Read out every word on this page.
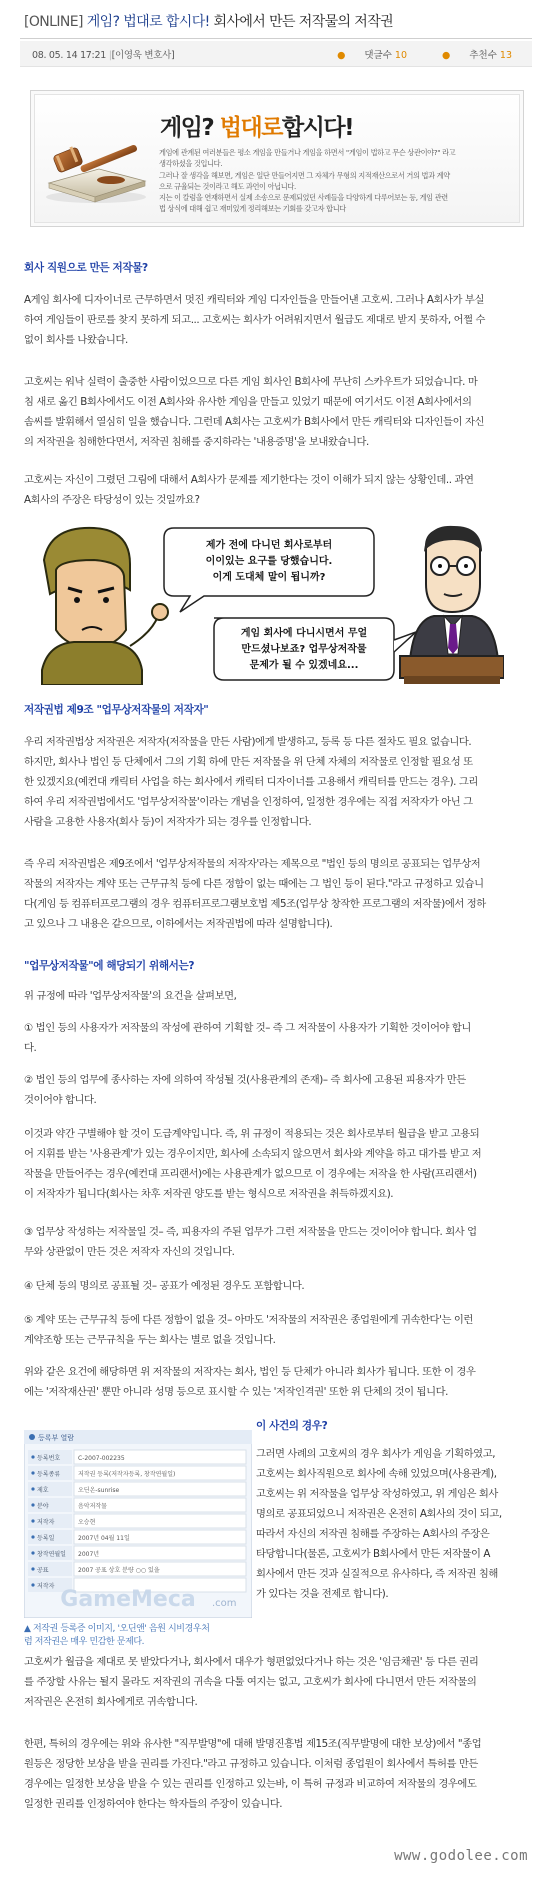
[ONLINE] 게임? 법대로 합시다! 회사에서 만든 저작물의 저작권
08. 05. 14 17:21 |[이영욱 변호사]	● 댓글수 10	● 추천수 13
게임? 법대로합시다!
게임에 관계된 여러분들은 평소 게임을 만들거나 게임을 하면서 "게임이 법하고 무슨 상관이야?" 라고
생각하셨을 것입니다.
그러나 잘 생각을 해보면, 게임은 일단 만들어지면 그 자체가 무형의 지적재산으로서 거의 법과 계약
으로 규율되는 것이라고 해도 과언이 아닙니다.
지는 이 칼럼을 연재하면서 실제 소송으로 문제되었던 사례들을 다양하게 다루어보는 등, 게임 관련
법 상식에 대해 쉽고 재미있게 정리해보는 기회를 갖고자 합니다
회사 직원으로 만든 저작물?
A게임 회사에 디자이너로 근무하면서 멋진 캐릭터와 게임 디자인들을 만들어낸 고호씨. 그러나 A회사가 부실
하여 게임들이 판로를 찾지 못하게 되고... 고호씨는 회사가 어려워지면서 월급도 제대로 받지 못하자, 어쩔 수
없이 회사를 나왔습니다.
고호씨는 워낙 실력이 출중한 사람이었으므로 다른 게임 회사인 B회사에 무난히 스카우트가 되었습니다. 마
침 새로 옮긴 B회사에서도 이전 A회사와 유사한 게임을 만들고 있었기 때문에 여기서도 이전 A회사에서의
솜씨를 발휘해서 열심히 일을 했습니다. 그런데 A회사는 고호씨가 B회사에서 만든 캐릭터와 디자인들이 자신
의 저작권을 침해한다면서, 저작권 침해를 중지하라는 '내용증명'을 보내왔습니다.
고호씨는 자신이 그렸던 그림에 대해서 A회사가 문제를 제기한다는 것이 이해가 되지 않는 상황인데.. 과연
A회사의 주장은 타당성이 있는 것일까요?
제가 전에 다니던 회사로부터
이이있는 요구를 당했습니다.
이게 도대체 말이 됩니까?
게임 회사에 다니시면서 무얼
만드셨나보죠? 업무상저작물
문제가 될 수 있겠네요...
저작권법 제9조 "업무상저작물의 저작자"
우리 저작권법상 저작권은 저작자(저작물을 만든 사람)에게 발생하고, 등록 등 다른 절차도 필요 없습니다.
하지만, 회사나 법인 등 단체에서 그의 기획 하에 만든 저작물을 위 단체 자체의 저작물로 인정할 필요성 또
한 있겠지요(예컨대 캐릭터 사업을 하는 회사에서 캐릭터 디자이너를 고용해서 캐릭터를 만드는 경우). 그리
하여 우리 저작권법에서도 '업무상저작물'이라는 개념을 인정하여, 일정한 경우에는 직접 저작자가 아닌 그
사람을 고용한 사용자(회사 등)이 저작자가 되는 경우를 인정합니다.
즉 우리 저작권법은 제9조에서 '업무상저작물의 저작자'라는 제목으로 "법인 등의 명의로 공표되는 업무상저
작물의 저작자는 계약 또는 근무규칙 등에 다른 정함이 없는 때에는 그 법인 등이 된다."라고 규정하고 있습니
다(게임 등 컴퓨터프로그램의 경우 컴퓨터프로그램보호법 제5조(업무상 창작한 프로그램의 저작물)에서 정하
고 있으나 그 내용은 같으므로, 이하에서는 저작권법에 따라 설명합니다).
"업무상저작물"에 해당되기 위해서는?
위 규정에 따라 '업무상저작물'의 요건을 살펴보면,
① 법인 등의 사용자가 저작물의 작성에 관하여 기획할 것– 즉 그 저작물이 사용자가 기획한 것이어야 합니
다.
② 법인 등의 업무에 종사하는 자에 의하여 작성될 것(사용관계의 존재)– 즉 회사에 고용된 피용자가 만든
것이어야 합니다.
이것과 약간 구별해야 할 것이 도급계약입니다. 즉, 위 규정이 적용되는 것은 회사로부터 월급을 받고 고용되
어 지휘를 받는 '사용관계'가 있는 경우이지만, 회사에 소속되지 않으면서 회사와 계약을 하고 대가를 받고 저
작물을 만들어주는 경우(예컨대 프리랜서)에는 사용관계가 없으므로 이 경우에는 저작을 한 사람(프리랜서)
이 저작자가 됩니다(회사는 차후 저작권 양도를 받는 형식으로 저작권을 취득하겠지요).
③ 업무상 작성하는 저작물일 것– 즉, 피용자의 주된 업무가 그런 저작물을 만드는 것이어야 합니다. 회사 업
무와 상관없이 만든 것은 저작자 자신의 것입니다.
④ 단체 등의 명의로 공표될 것– 공표가 예정된 경우도 포함합니다.
⑤ 계약 또는 근무규칙 등에 다른 정함이 없을 것– 아마도 '저작물의 저작권은 종업원에게 귀속한다'는 이런
계약조항 또는 근무규칙을 두는 회사는 별로 없을 것입니다.
위와 같은 요건에 해당하면 위 저작물의 저작자는 회사, 법인 등 단체가 아니라 회사가 됩니다. 또한 이 경우
에는 '저작재산권' 뿐만 아니라 성명 등으로 표시할 수 있는 '저작인격권' 또한 위 단체의 것이 됩니다.
이 사건의 경우?
등록부 열람
등록번호	C-2007-002235
등록종류	저작권 등록(저작자등록, 창작연월일)
제호	오딘온-sunrise
분야	음악저작물
저작자	오승현
등록일	2007년 04월 11일
창작연월일 2007년
공표	2007 공표 상호 분량 ○○ 있을
저작자
GameMeca .com
▲ 저작권 등록증 이미지, '오딘앤' 음원 시비경우처
럼 저작권은 매우 민감한 문제다.
그러면 사례의 고호씨의 경우 회사가 게임을 기획하였고,
고호씨는 회사직원으로 회사에 속해 있었으며(사용관계),
고호씨는 위 저작물을 업무상 작성하였고, 위 게임은 회사
명의로 공표되었으니 저작권은 온전히 A회사의 것이 되고,
따라서 자신의 저작권 침해를 주장하는 A회사의 주장은
타당합니다(물론, 고호씨가 B회사에서 만든 저작물이 A
회사에서 만든 것과 실질적으로 유사하다, 즉 저작권 침해
가 있다는 것을 전제로 합니다).
고호씨가 월급을 제대로 못 받았다거나, 회사에서 대우가 형편없었다거나 하는 것은 '임금채권' 등 다른 권리
를 주장할 사유는 될지 몰라도 저작권의 귀속을 다툴 여지는 없고, 고호씨가 회사에 다니면서 만든 저작물의
저작권은 온전히 회사에게로 귀속합니다.
한편, 특허의 경우에는 위와 유사한 "직무발명"에 대해 발명진흥법 제15조(직무발명에 대한 보상)에서 "종업
원등은 정당한 보상을 받을 권리를 가진다."라고 규정하고 있습니다. 이처럼 종업원이 회사에서 특허를 만든
경우에는 일정한 보상을 받을 수 있는 권리를 인정하고 있는바, 이 특허 규정과 비교하여 저작물의 경우에도
일정한 권리를 인정하여야 한다는 학자들의 주장이 있습니다.
www.godolee.com
